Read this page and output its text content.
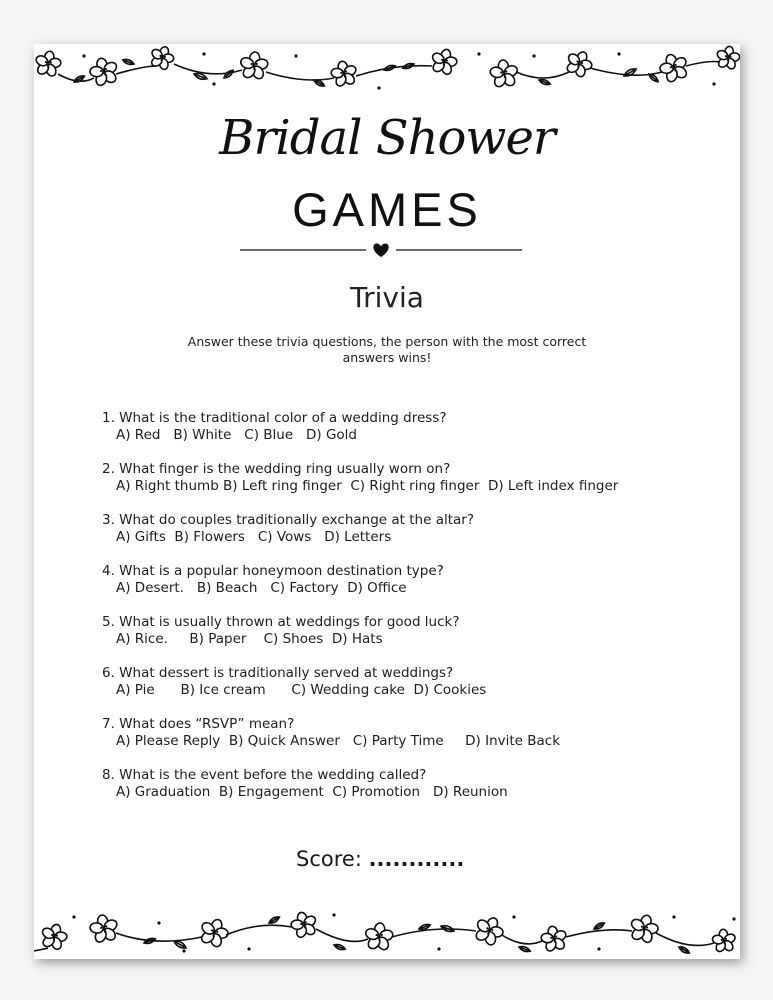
Bridal Shower
GAMES
Trivia
Answer these trivia questions, the person with the most correct answers wins!
1. What is the traditional color of a wedding dress?
A) Red   B) White   C) Blue   D) Gold
2. What finger is the wedding ring usually worn on?
A) Right thumb B) Left ring finger  C) Right ring finger  D) Left index finger
3. What do couples traditionally exchange at the altar?
A) Gifts  B) Flowers   C) Vows   D) Letters
4. What is a popular honeymoon destination type?
A) Desert.   B) Beach   C) Factory  D) Office
5. What is usually thrown at weddings for good luck?
A) Rice.     B) Paper    C) Shoes  D) Hats
6. What dessert is traditionally served at weddings?
A) Pie      B) Ice cream      C) Wedding cake  D) Cookies
7. What does “RSVP” mean?
A) Please Reply  B) Quick Answer   C) Party Time     D) Invite Back
8. What is the event before the wedding called?
A) Graduation  B) Engagement  C) Promotion   D) Reunion
Score: ............
